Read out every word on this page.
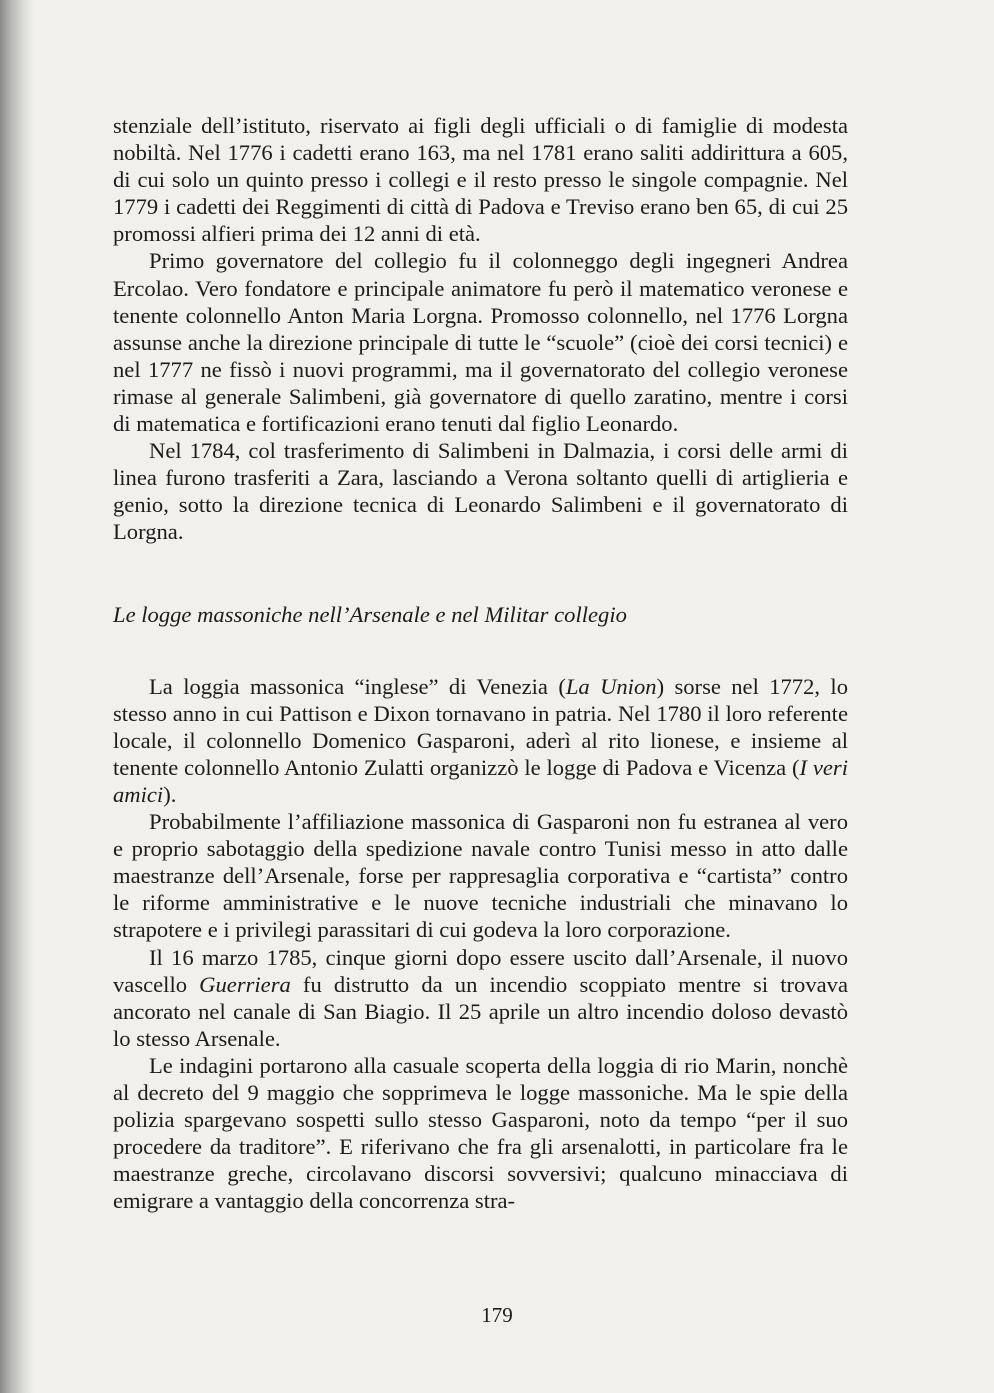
stenziale dell’istituto, riservato ai figli degli ufficiali o di famiglie di modesta nobiltà. Nel 1776 i cadetti erano 163, ma nel 1781 erano saliti addirittura a 605, di cui solo un quinto presso i collegi e il resto presso le singole compagnie. Nel 1779 i cadetti dei Reggimenti di città di Padova e Treviso erano ben 65, di cui 25 promossi alfieri prima dei 12 anni di età.

Primo governatore del collegio fu il colonneggo degli ingegneri Andrea Ercolao. Vero fondatore e principale animatore fu però il matematico veronese e tenente colonnello Anton Maria Lorgna. Promosso colonnello, nel 1776 Lorgna assunse anche la direzione principale di tutte le “scuole” (cioè dei corsi tecnici) e nel 1777 ne fissò i nuovi programmi, ma il governatorato del collegio veronese rimase al generale Salimbeni, già governatore di quello zaratino, mentre i corsi di matematica e fortificazioni erano tenuti dal figlio Leonardo.

Nel 1784, col trasferimento di Salimbeni in Dalmazia, i corsi delle armi di linea furono trasferiti a Zara, lasciando a Verona soltanto quelli di artiglieria e genio, sotto la direzione tecnica di Leonardo Salimbeni e il governatorato di Lorgna.

Le logge massoniche nell’Arsenale e nel Militar collegio

La loggia massonica “inglese” di Venezia (La Union) sorse nel 1772, lo stesso anno in cui Pattison e Dixon tornavano in patria. Nel 1780 il loro referente locale, il colonnello Domenico Gasparoni, aderì al rito lionese, e insieme al tenente colonnello Antonio Zulatti organizzò le logge di Padova e Vicenza (I veri amici).

Probabilmente l’affiliazione massonica di Gasparoni non fu estranea al vero e proprio sabotaggio della spedizione navale contro Tunisi messo in atto dalle maestranze dell’Arsenale, forse per rappresaglia corporativa e “cartista” contro le riforme amministrative e le nuove tecniche industriali che minavano lo strapotere e i privilegi parassitari di cui godeva la loro corporazione.

Il 16 marzo 1785, cinque giorni dopo essere uscito dall’Arsenale, il nuovo vascello Guerriera fu distrutto da un incendio scoppiato mentre si trovava ancorato nel canale di San Biagio. Il 25 aprile un altro incendio doloso devastò lo stesso Arsenale.

Le indagini portarono alla casuale scoperta della loggia di rio Marin, nonchè al decreto del 9 maggio che sopprimeva le logge massoniche. Ma le spie della polizia spargevano sospetti sullo stesso Gasparoni, noto da tempo “per il suo procedere da traditore”. E riferivano che fra gli arsenalotti, in particolare fra le maestranze greche, circolavano discorsi sovversivi; qualcuno minacciava di emigrare a vantaggio della concorrenza stra-

179
